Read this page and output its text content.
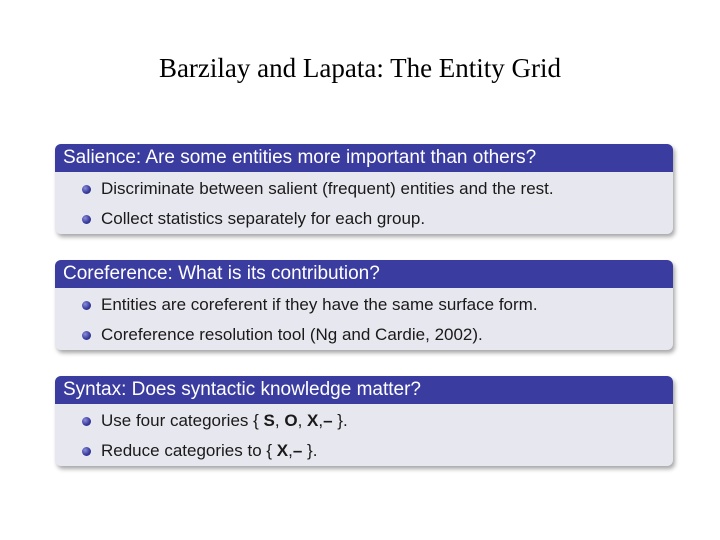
Barzilay and Lapata: The Entity Grid
Salience: Are some entities more important than others?
Discriminate between salient (frequent) entities and the rest.
Collect statistics separately for each group.
Coreference: What is its contribution?
Entities are coreferent if they have the same surface form.
Coreference resolution tool (Ng and Cardie, 2002).
Syntax: Does syntactic knowledge matter?
Use four categories { S, O, X,– }.
Reduce categories to { X,– }.
